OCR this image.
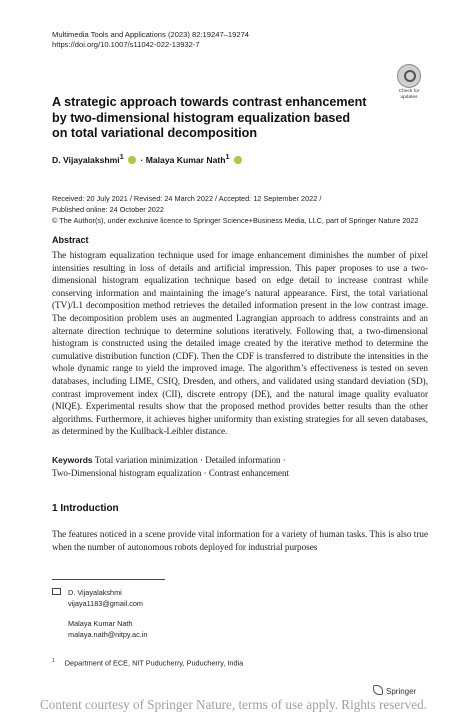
Multimedia Tools and Applications (2023) 82:19247–19274
https://doi.org/10.1007/s11042-022-13932-7
Check for
updates
A strategic approach towards contrast enhancement
by two-dimensional histogram equalization based
on total variational decomposition
D. Vijayalakshmi$^1$ · Malaya Kumar Nath$^1$
Received: 20 July 2021 / Revised: 24 March 2022 / Accepted: 12 September 2022 /
Published online: 24 October 2022
© The Author(s), under exclusive licence to Springer Science+Business Media, LLC, part of Springer Nature 2022
Abstract
The histogram equalization technique used for image enhancement diminishes the number of pixel intensities resulting in loss of details and artificial impression. This paper proposes to use a two-dimensional histogram equalization technique based on edge detail to increase contrast while conserving information and maintaining the image’s natural appearance. First, the total variational (TV)/L1 decomposition method retrieves the detailed information present in the low contrast image. The decomposition problem uses an augmented Lagrangian approach to address constraints and an alternate direction technique to determine solutions iteratively. Following that, a two-dimensional histogram is constructed using the detailed image created by the iterative method to determine the cumulative distribution function (CDF). Then the CDF is transferred to distribute the intensities in the whole dynamic range to yield the improved image. The algorithm’s effectiveness is tested on seven databases, including LIME, CSIQ, Dresden, and others, and validated using standard deviation (SD), contrast improvement index (CII), discrete entropy (DE), and the natural image quality evaluator (NIQE). Experimental results show that the proposed method provides better results than the other algorithms. Furthermore, it achieves higher uniformity than existing strategies for all seven databases, as determined by the Kullback-Leibler distance.
Keywords Total variation minimization · Detailed information ·
Two-Dimensional histogram equalization · Contrast enhancement
1 Introduction
The features noticed in a scene provide vital information for a variety of human tasks. This is also true when the number of autonomous robots deployed for industrial purposes
D. Vijayalakshmi
vijaya1183@gmail.com
Malaya Kumar Nath
malaya.nath@nitpy.ac.in
$^1$ Department of ECE, NIT Puducherry, Puducherry, India
Springer
Content courtesy of Springer Nature, terms of use apply. Rights reserved.
